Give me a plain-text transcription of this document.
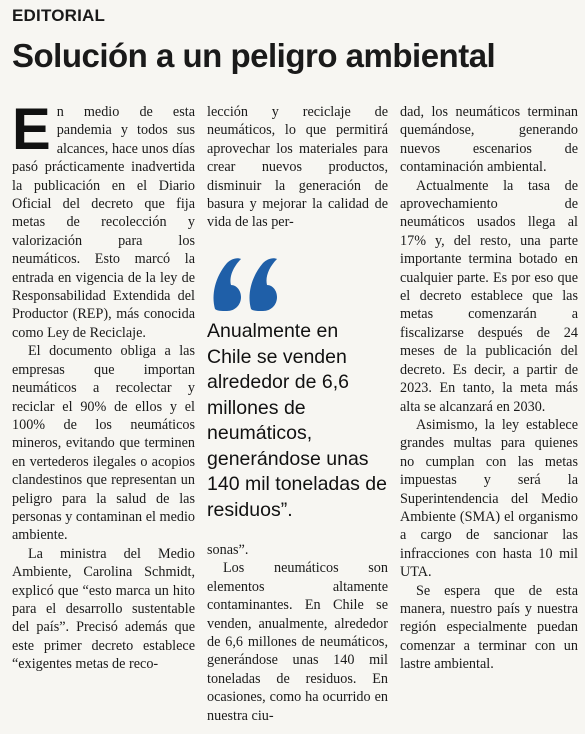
EDITORIAL
Solución a un peligro ambiental

En medio de esta pandemia y todos sus alcances, hace unos días pasó prácticamente inadvertida la publicación en el Diario Oficial del decreto que fija metas de recolección y valorización para los neumáticos. Esto marcó la entrada en vigencia de la ley de Responsabilidad Extendida del Productor (REP), más conocida como Ley de Reciclaje.

El documento obliga a las empresas que importan neumáticos a recolectar y reciclar el 90% de ellos y el 100% de los neumáticos mineros, evitando que terminen en vertederos ilegales o acopios clandestinos que representan un peligro para la salud de las personas y contaminan el medio ambiente.

La ministra del Medio Ambiente, Carolina Schmidt, explicó que “esto marca un hito para el desarrollo sustentable del país”. Precisó además que este primer decreto establece “exigentes metas de reco-

lección y reciclaje de neumáticos, lo que permitirá aprovechar los materiales para crear nuevos productos, disminuir la generación de basura y mejorar la calidad de vida de las per-

Anualmente en Chile se venden alrededor de 6,6 millones de neumáticos, generándose unas 140 mil toneladas de residuos”.

sonas”.

Los neumáticos son elementos altamente contaminantes. En Chile se venden, anualmente, alrededor de 6,6 millones de neumáticos, generándose unas 140 mil toneladas de residuos. En ocasiones, como ha ocurrido en nuestra ciu-

dad, los neumáticos terminan quemándose, generando nuevos escenarios de contaminación ambiental.

Actualmente la tasa de aprovechamiento de neumáticos usados llega al 17% y, del resto, una parte importante termina botado en cualquier parte. Es por eso que el decreto establece que las metas comenzarán a fiscalizarse después de 24 meses de la publicación del decreto. Es decir, a partir de 2023. En tanto, la meta más alta se alcanzará en 2030.

Asimismo, la ley establece grandes multas para quienes no cumplan con las metas impuestas y será la Superintendencia del Medio Ambiente (SMA) el organismo a cargo de sancionar las infracciones con hasta 10 mil UTA.

Se espera que de esta manera, nuestro país y nuestra región especialmente puedan comenzar a terminar con un lastre ambiental.
